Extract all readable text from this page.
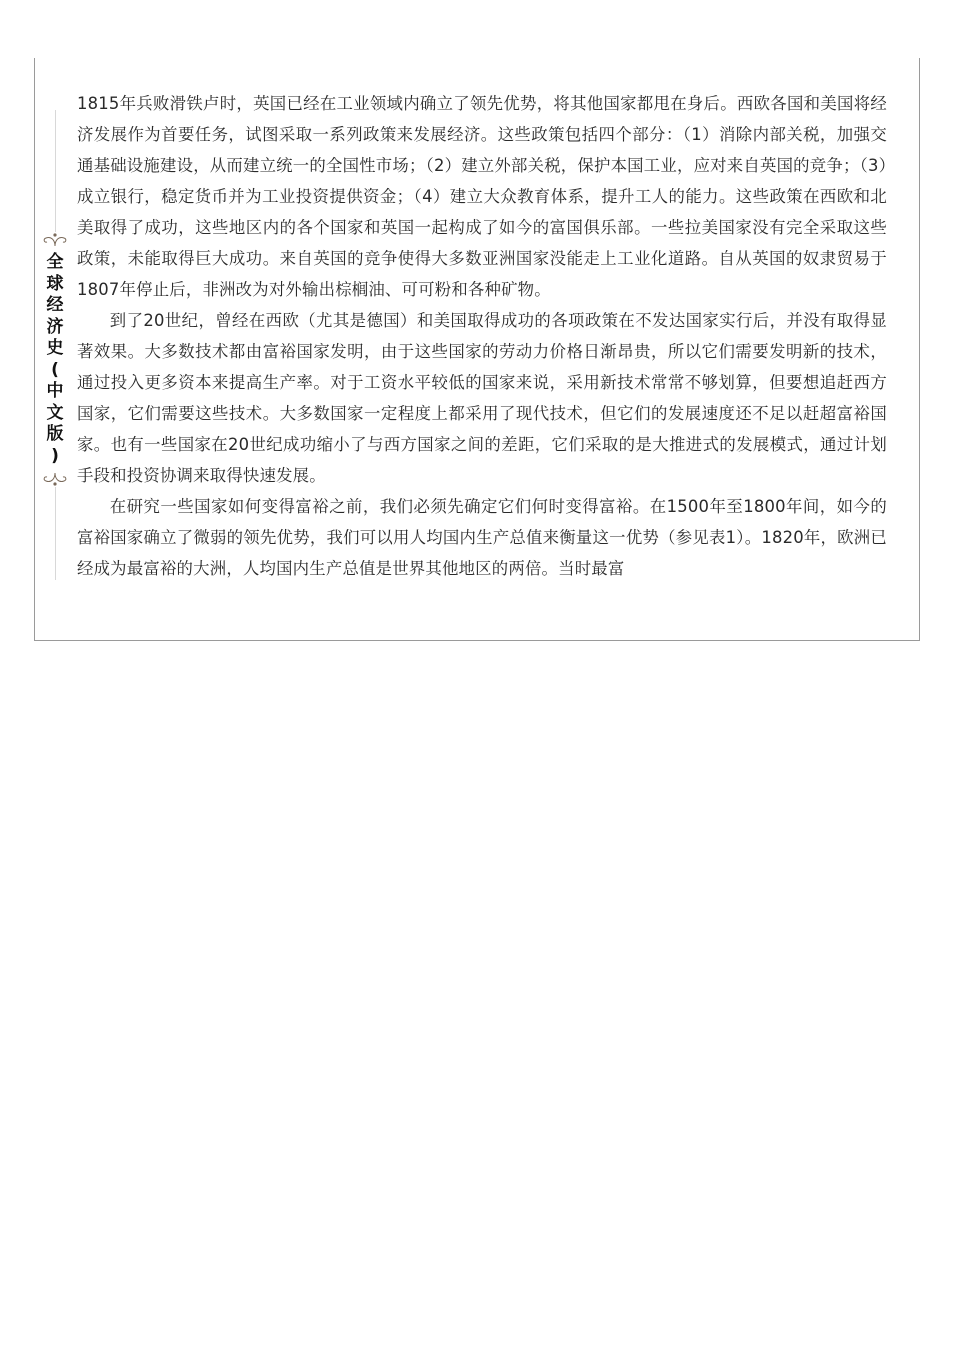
全
球
经
济
史
(
中
文
版
)

1815年兵败滑铁卢时，英国已经在工业领域内确立了领先优势，将其他国家都甩在身后。西欧各国和美国将经济发展作为首要任务，试图采取一系列政策来发展经济。这些政策包括四个部分：（1）消除内部关税，加强交通基础设施建设，从而建立统一的全国性市场；（2）建立外部关税，保护本国工业，应对来自英国的竞争；（3）成立银行，稳定货币并为工业投资提供资金；（4）建立大众教育体系，提升工人的能力。这些政策在西欧和北美取得了成功，这些地区内的各个国家和英国一起构成了如今的富国俱乐部。一些拉美国家没有完全采取这些政策，未能取得巨大成功。来自英国的竞争使得大多数亚洲国家没能走上工业化道路。自从英国的奴隶贸易于1807年停止后，非洲改为对外输出棕榈油、可可粉和各种矿物。

到了20世纪，曾经在西欧（尤其是德国）和美国取得成功的各项政策在不发达国家实行后，并没有取得显著效果。大多数技术都由富裕国家发明，由于这些国家的劳动力价格日渐昂贵，所以它们需要发明新的技术，通过投入更多资本来提高生产率。对于工资水平较低的国家来说，采用新技术常常不够划算，但要想追赶西方国家，它们需要这些技术。大多数国家一定程度上都采用了现代技术，但它们的发展速度还不足以赶超富裕国家。也有一些国家在20世纪成功缩小了与西方国家之间的差距，它们采取的是大推进式的发展模式，通过计划手段和投资协调来取得快速发展。

在研究一些国家如何变得富裕之前，我们必须先确定它们何时变得富裕。在1500年至1800年间，如今的富裕国家确立了微弱的领先优势，我们可以用人均国内生产总值来衡量这一优势（参见表1）。1820年，欧洲已经成为最富裕的大洲，人均国内生产总值是世界其他地区的两倍。当时最富
